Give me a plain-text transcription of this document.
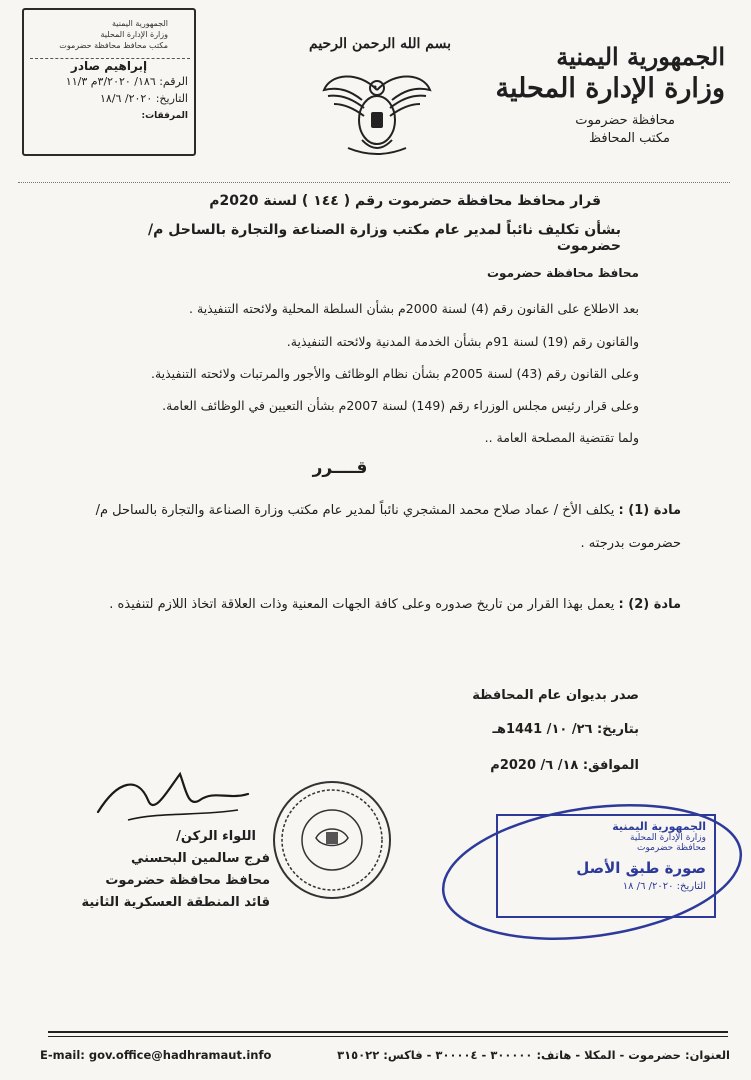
الجمهورية اليمنية
وزارة الإدارة المحلية
محافظة حضرموت
مكتب المحافظ
بسم الله الرحمن الرحيم
الجمهورية اليمنية
وزارة الإدارة المحلية
مكتب محافظ محافظة حضرموت
إبراهيم صادر
الرقم: ١٨٦/ ٣/٢٠٢٠م ١١/٣
التاريخ: ٢٠٢٠/ ١٨/٦
المرفقات:
قرار محافظ محافظة حضرموت رقم ( ١٤٤ ) لسنة 2020م
بشأن تكليف نائباً لمدير عام مكتب وزارة الصناعة والتجارة بالساحل م/ حضرموت
محافظ محافظة حضرموت
بعد الاطلاع على القانون رقم (4) لسنة 2000م بشأن السلطة المحلية ولائحته التنفيذية .
والقانون رقم (19) لسنة 91م بشأن الخدمة المدنية ولائحته التنفيذية.
وعلى القانون رقم (43) لسنة 2005م بشأن نظام الوظائف والأجور والمرتبات ولائحته التنفيذية.
وعلى قرار رئيس مجلس الوزراء رقم (149) لسنة 2007م بشأن التعيين في الوظائف العامة.
ولما تقتضية المصلحة العامة ..
قــــرر
مادة (1) : يكلف الأخ / عماد صلاح محمد المشجري نائباً لمدير عام مكتب وزارة الصناعة والتجارة بالساحل م/حضرموت بدرجته .
مادة (2) : يعمل بهذا القرار من تاريخ صدوره وعلى كافة الجهات المعنية وذات العلاقة اتخاذ اللازم لتنفيذه .
صدر بديوان عام المحافظة
بتاريخ: ٢٦/ ١٠/ 1441هـ
الموافق: ١٨/ ٦/ 2020م
اللواء الركن/
فرج سالمين البحسني
محافظ محافظة حضرموت
قائد المنطقة العسكرية الثانية
الجمهورية اليمنية
وزارة الإدارة المحلية
محافظة حضرموت
صورة طبق الأصل
التاريخ: ٢٠٢٠/ ٦/ ١٨
E-mail: gov.office@hadhramaut.info	العنوان: حضرموت - المكلا - هاتف: ٣٠٠٠٠٠ - ٣٠٠٠٠٤ - فاكس: ٣١٥٠٢٢
